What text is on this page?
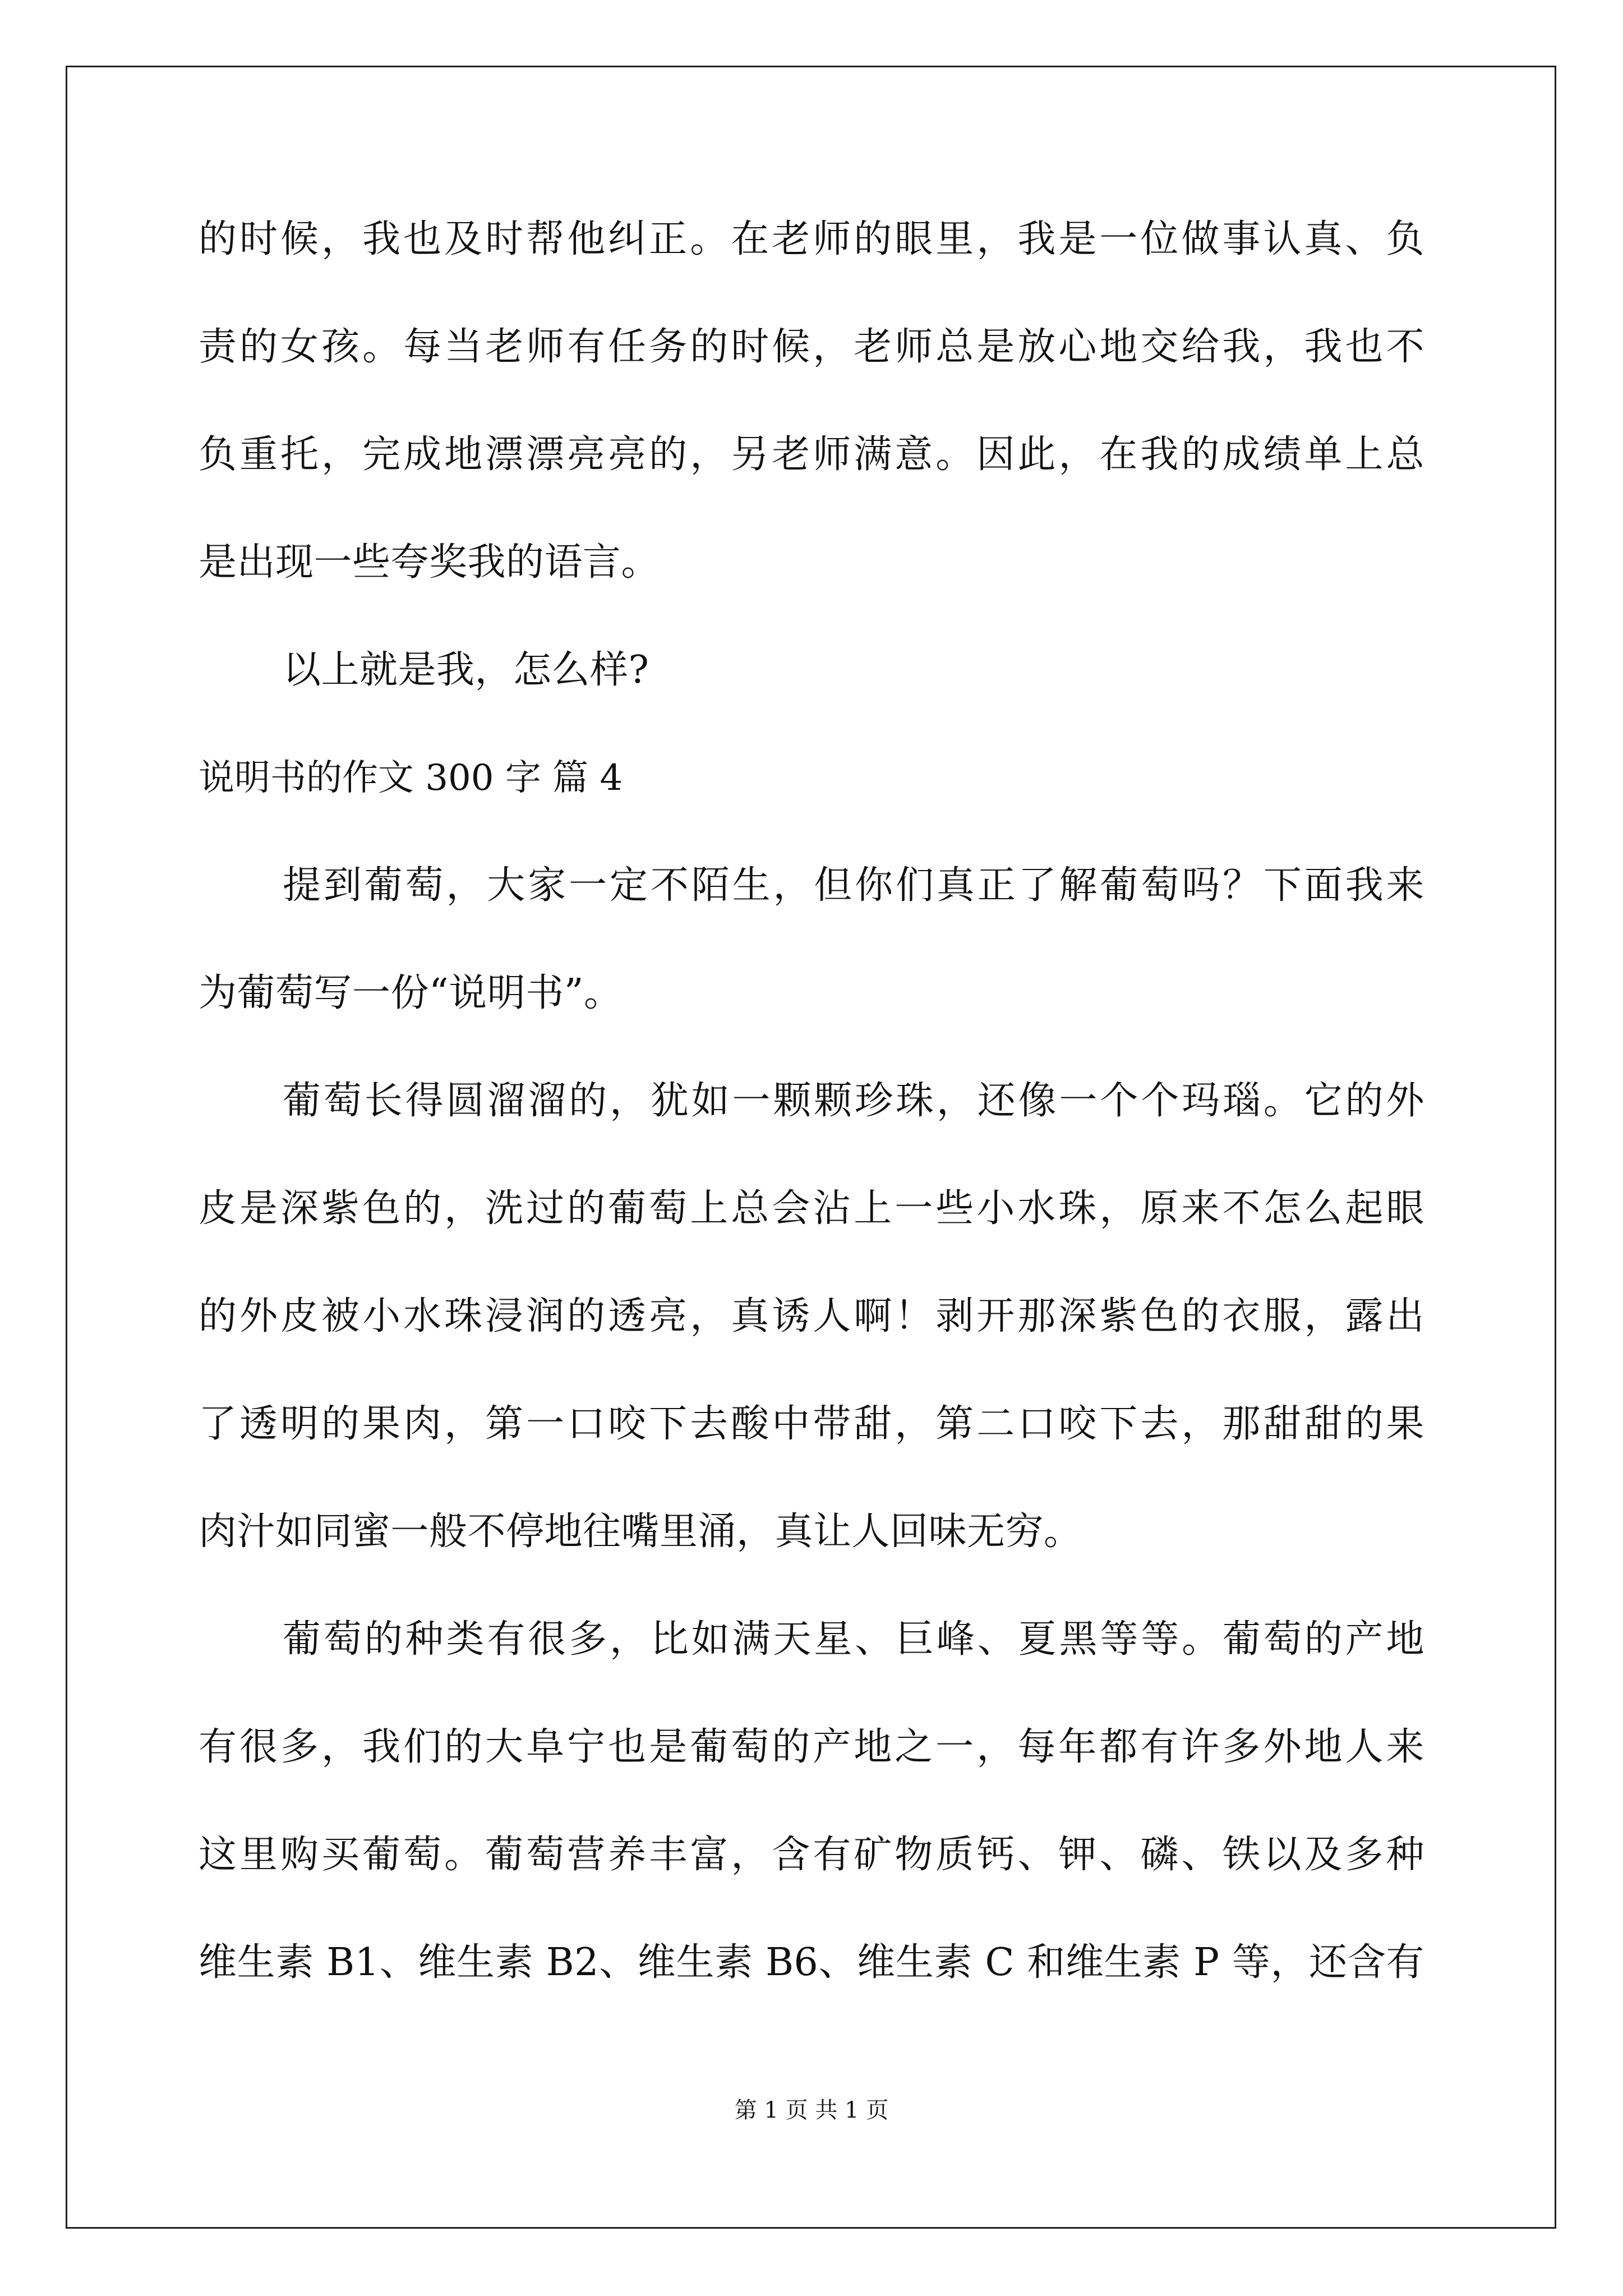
的时候，我也及时帮他纠正。在老师的眼里，我是一位做事认真、负
责的女孩。每当老师有任务的时候，老师总是放心地交给我，我也不
负重托，完成地漂漂亮亮的，另老师满意。因此，在我的成绩单上总
是出现一些夸奖我的语言。
以上就是我，怎么样?
说明书的作文 300 字 篇 4
提到葡萄，大家一定不陌生，但你们真正了解葡萄吗？下面我来
为葡萄写一份“说明书”。
葡萄长得圆溜溜的，犹如一颗颗珍珠，还像一个个玛瑙。它的外
皮是深紫色的，洗过的葡萄上总会沾上一些小水珠，原来不怎么起眼
的外皮被小水珠浸润的透亮，真诱人啊！剥开那深紫色的衣服，露出
了透明的果肉，第一口咬下去酸中带甜，第二口咬下去，那甜甜的果
肉汁如同蜜一般不停地往嘴里涌，真让人回味无穷。
葡萄的种类有很多，比如满天星、巨峰、夏黑等等。葡萄的产地
有很多，我们的大阜宁也是葡萄的产地之一，每年都有许多外地人来
这里购买葡萄。葡萄营养丰富，含有矿物质钙、钾、磷、铁以及多种
维生素 B1、维生素 B2、维生素 B6、维生素 C 和维生素 P 等，还含有
第 1 页 共 1 页
